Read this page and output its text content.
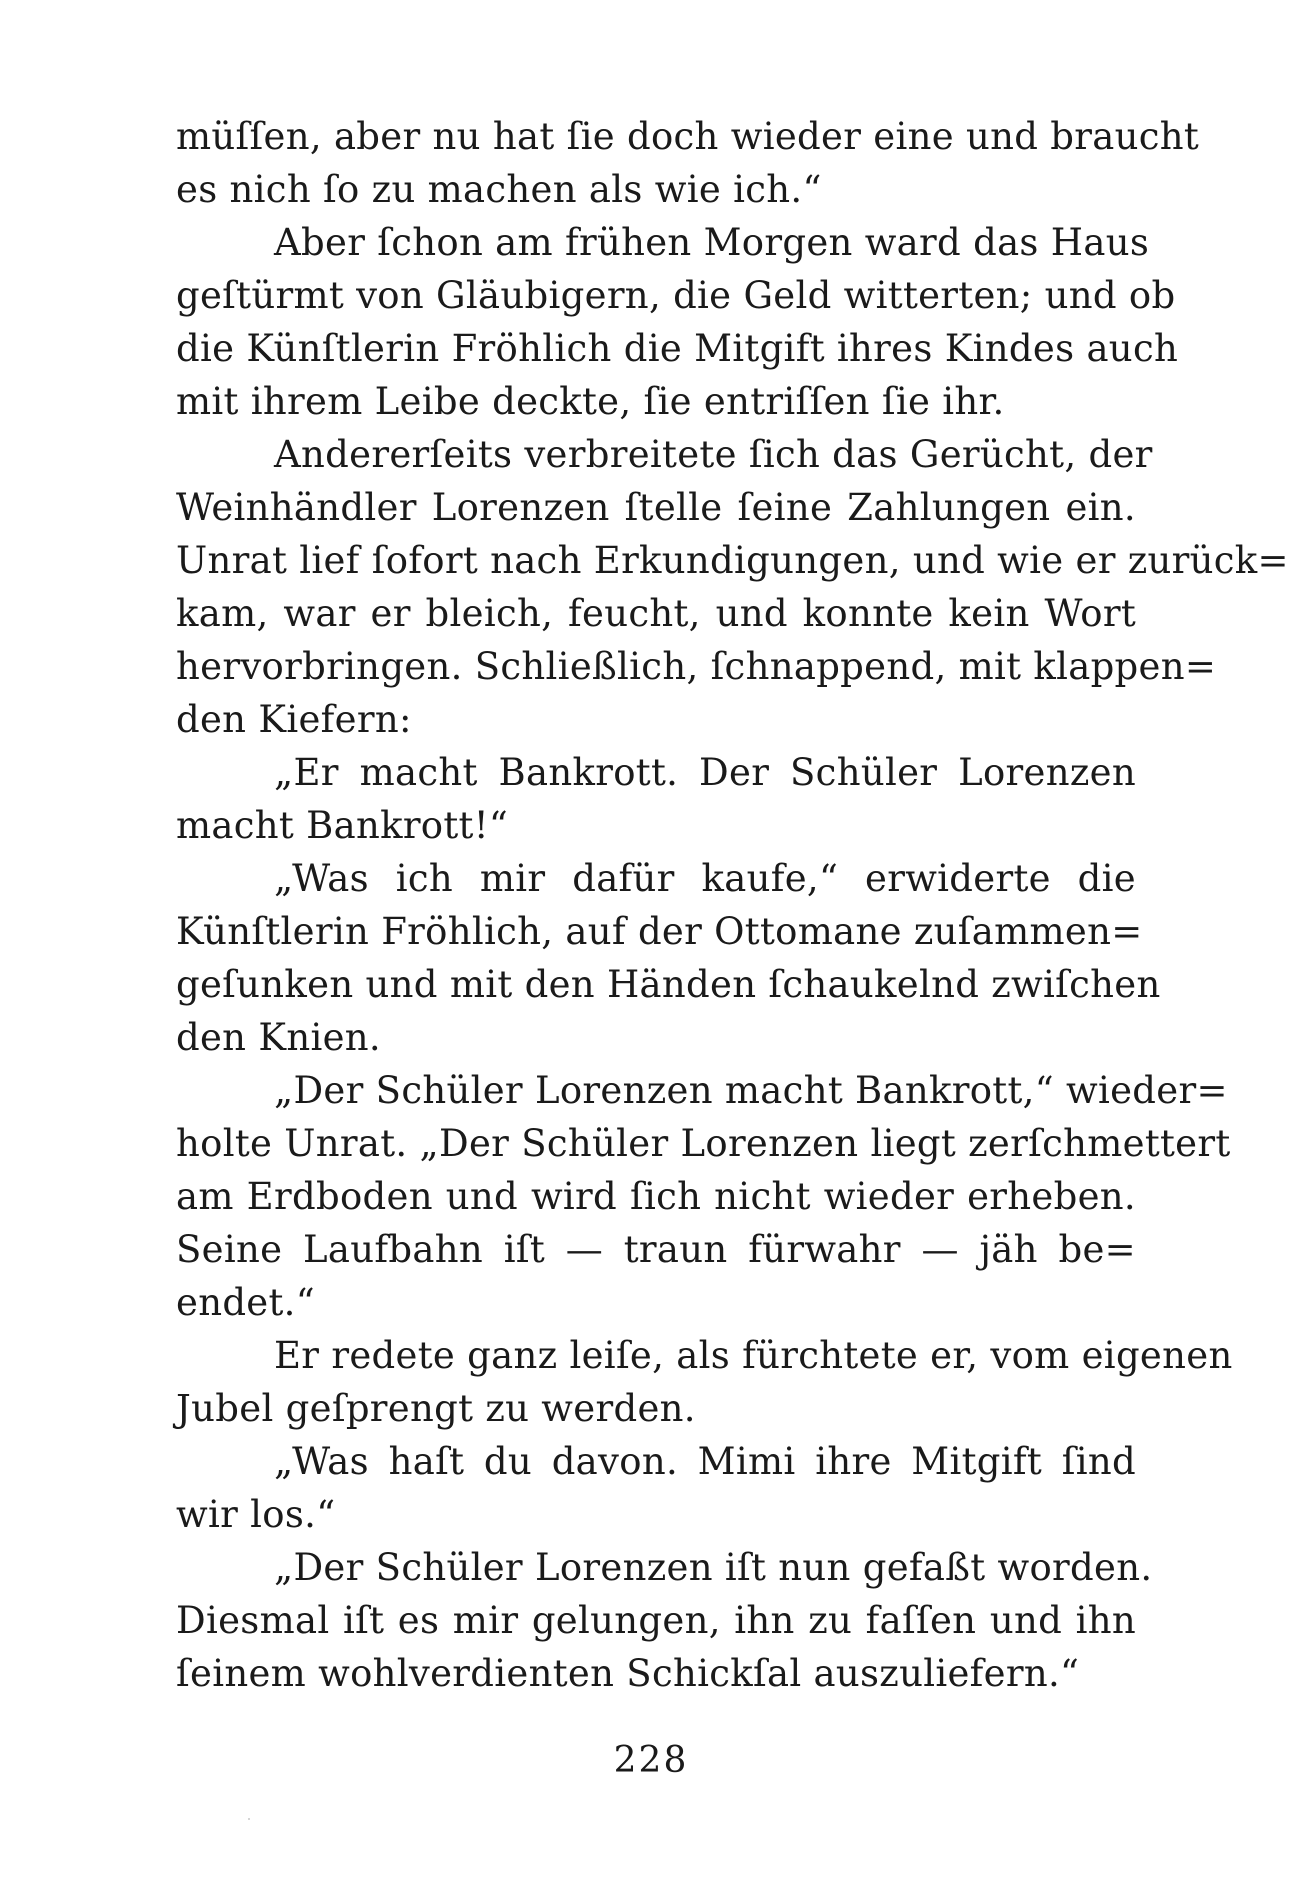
müſſen, aber nu hat ſie doch wieder eine und braucht
es nich ſo zu machen als wie ich.“
Aber ſchon am frühen Morgen ward das Haus
geſtürmt von Gläubigern, die Geld witterten; und ob
die Künſtlerin Fröhlich die Mitgift ihres Kindes auch
mit ihrem Leibe deckte, ſie entriſſen ſie ihr.
Andererſeits verbreitete ſich das Gerücht, der
Weinhändler Lorenzen ſtelle ſeine Zahlungen ein.
Unrat lief ſofort nach Erkundigungen, und wie er zurück=
kam, war er bleich, feucht, und konnte kein Wort
hervorbringen. Schließlich, ſchnappend, mit klappen=
den Kiefern:
„Er macht Bankrott. Der Schüler Lorenzen
macht Bankrott!“
„Was ich mir dafür kaufe,“ erwiderte die
Künſtlerin Fröhlich, auf der Ottomane zuſammen=
geſunken und mit den Händen ſchaukelnd zwiſchen
den Knien.
„Der Schüler Lorenzen macht Bankrott,“ wieder=
holte Unrat. „Der Schüler Lorenzen liegt zerſchmettert
am Erdboden und wird ſich nicht wieder erheben.
Seine Laufbahn iſt — traun fürwahr — jäh be=
endet.“
Er redete ganz leiſe, als fürchtete er, vom eigenen
Jubel geſprengt zu werden.
„Was haſt du davon. Mimi ihre Mitgift ſind
wir los.“
„Der Schüler Lorenzen iſt nun gefaßt worden.
Diesmal iſt es mir gelungen, ihn zu faſſen und ihn
ſeinem wohlverdienten Schickſal auszuliefern.“
228
